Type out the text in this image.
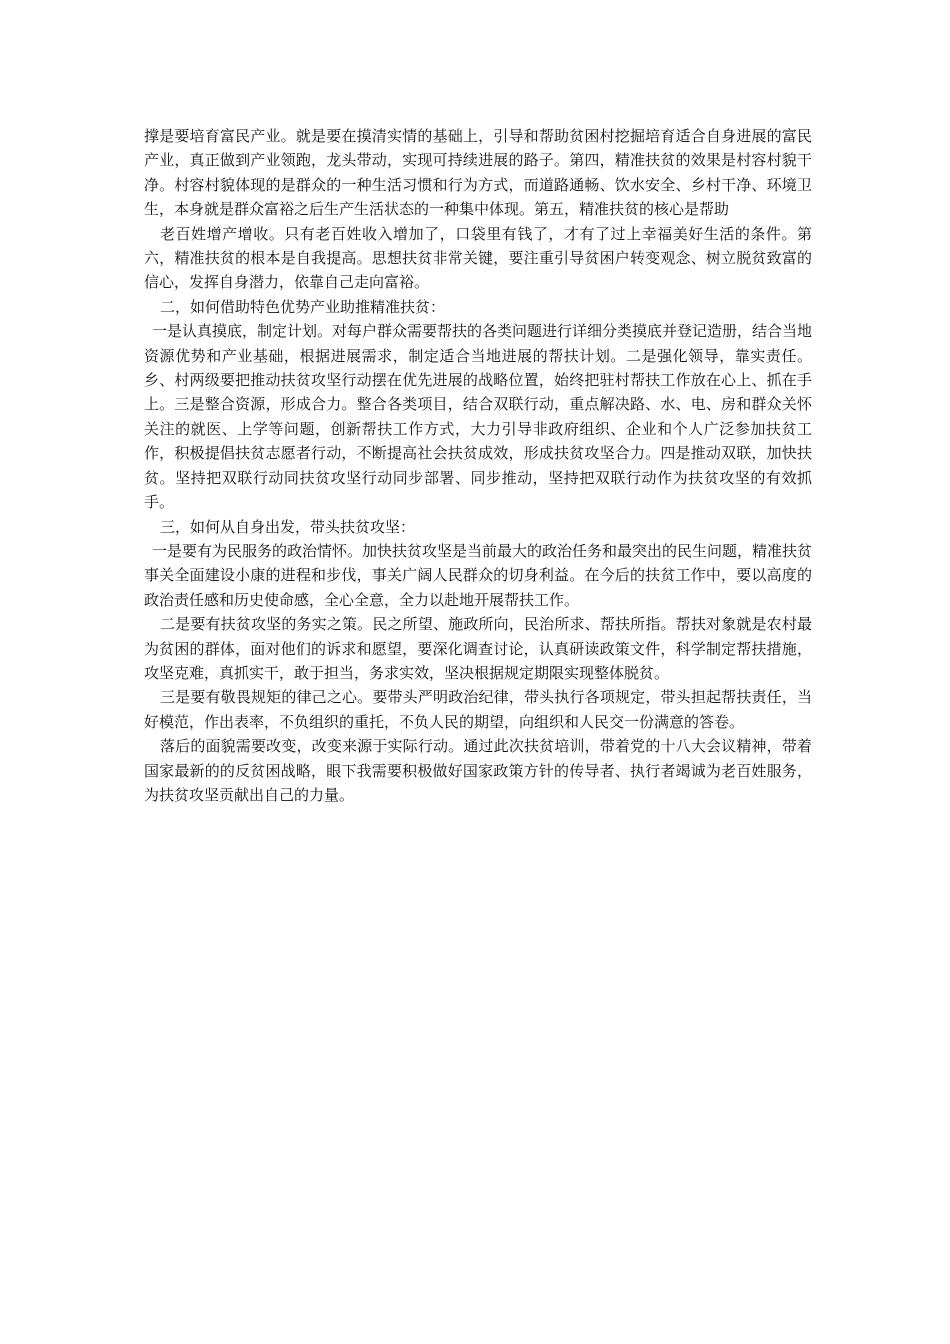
撑是要培育富民产业。就是要在摸清实情的基础上，引导和帮助贫困村挖掘培育适合自身进展的富民产业，真正做到产业领跑，龙头带动，实现可持续进展的路子。第四，精准扶贫的效果是村容村貌干净。村容村貌体现的是群众的一种生活习惯和行为方式，而道路通畅、饮水安全、乡村干净、环境卫生，本身就是群众富裕之后生产生活状态的一种集中体现。第五，精准扶贫的核心是帮助

老百姓增产增收。只有老百姓收入增加了，口袋里有钱了，才有了过上幸福美好生活的条件。第六，精准扶贫的根本是自我提高。思想扶贫非常关键，要注重引导贫困户转变观念、树立脱贫致富的信心，发挥自身潜力，依靠自己走向富裕。

二，如何借助特色优势产业助推精准扶贫：

一是认真摸底，制定计划。对每户群众需要帮扶的各类问题进行详细分类摸底并登记造册，结合当地资源优势和产业基础，根据进展需求，制定适合当地进展的帮扶计划。二是强化领导，靠实责任。乡、村两级要把推动扶贫攻坚行动摆在优先进展的战略位置，始终把驻村帮扶工作放在心上、抓在手上。三是整合资源，形成合力。整合各类项目，结合双联行动，重点解决路、水、电、房和群众关怀关注的就医、上学等问题，创新帮扶工作方式，大力引导非政府组织、企业和个人广泛参加扶贫工作，积极提倡扶贫志愿者行动，不断提高社会扶贫成效，形成扶贫攻坚合力。四是推动双联，加快扶贫。坚持把双联行动同扶贫攻坚行动同步部署、同步推动，坚持把双联行动作为扶贫攻坚的有效抓手。

三，如何从自身出发，带头扶贫攻坚：

一是要有为民服务的政治情怀。加快扶贫攻坚是当前最大的政治任务和最突出的民生问题，精准扶贫事关全面建设小康的进程和步伐，事关广阔人民群众的切身利益。在今后的扶贫工作中，要以高度的政治责任感和历史使命感，全心全意，全力以赴地开展帮扶工作。

二是要有扶贫攻坚的务实之策。民之所望、施政所向，民治所求、帮扶所指。帮扶对象就是农村最为贫困的群体，面对他们的诉求和愿望，要深化调查讨论，认真研读政策文件，科学制定帮扶措施，攻坚克难，真抓实干，敢于担当，务求实效，坚决根据规定期限实现整体脱贫。

三是要有敬畏规矩的律己之心。要带头严明政治纪律，带头执行各项规定，带头担起帮扶责任，当好模范，作出表率，不负组织的重托，不负人民的期望，向组织和人民交一份满意的答卷。

落后的面貌需要改变，改变来源于实际行动。通过此次扶贫培训，带着党的十八大会议精神，带着国家最新的的反贫困战略，眼下我需要积极做好国家政策方针的传导者、执行者竭诚为老百姓服务，为扶贫攻坚贡献出自己的力量。
